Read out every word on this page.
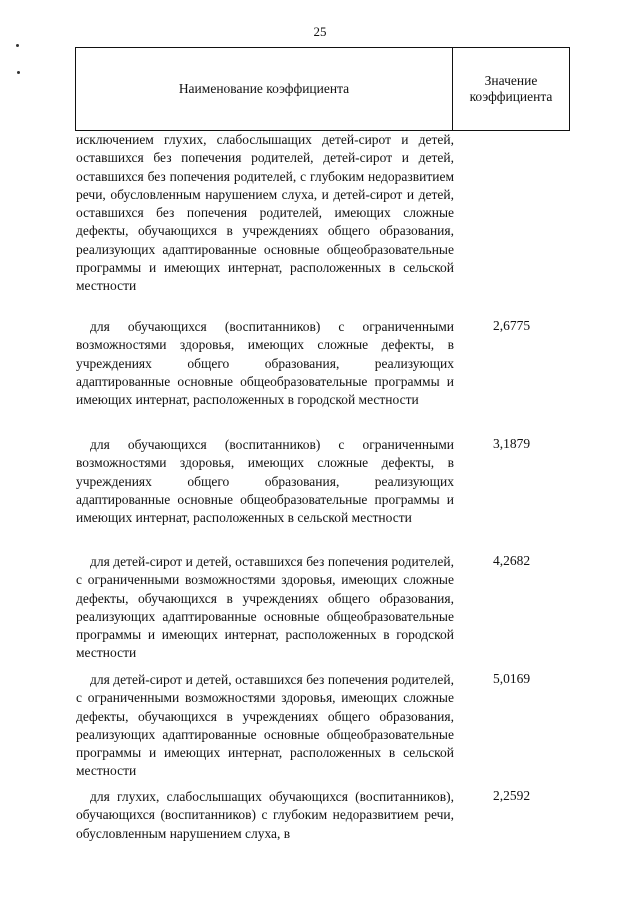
25
Наименование коэффициента
Значение коэффициента
исключением глухих, слабослышащих детей-сирот и детей, оставшихся без попечения родителей, детей-сирот и детей, оставшихся без попечения родителей, с глубоким недоразвитием речи, обусловленным нарушением слуха, и детей-сирот и детей, оставшихся без попечения родителей, имеющих сложные дефекты, обучающихся в учреждениях общего образования, реализующих адаптированные основные общеобразовательные программы и имеющих интернат, расположенных в сельской местности
для обучающихся (воспитанников) с ограниченными возможностями здоровья, имеющих сложные дефекты, в учреждениях общего образования, реализующих адаптированные основные общеобразовательные программы и имеющих интернат, расположенных в городской местности
2,6775
для обучающихся (воспитанников) с ограниченными возможностями здоровья, имеющих сложные дефекты, в учреждениях общего образования, реализующих адаптированные основные общеобразовательные программы и имеющих интернат, расположенных в сельской местности
3,1879
для детей-сирот и детей, оставшихся без попечения родителей, с ограниченными возможностями здоровья, имеющих сложные дефекты, обучающихся в учреждениях общего образования, реализующих адаптированные основные общеобразовательные программы и имеющих интернат, расположенных в городской местности
4,2682
для детей-сирот и детей, оставшихся без попечения родителей, с ограниченными возможностями здоровья, имеющих сложные дефекты, обучающихся в учреждениях общего образования, реализующих адаптированные основные общеобразовательные программы и имеющих интернат, расположенных в сельской местности
5,0169
для глухих, слабослышащих обучающихся (воспитанников), обучающихся (воспитанников) с глубоким недоразвитием речи, обусловленным нарушением слуха, в
2,2592
